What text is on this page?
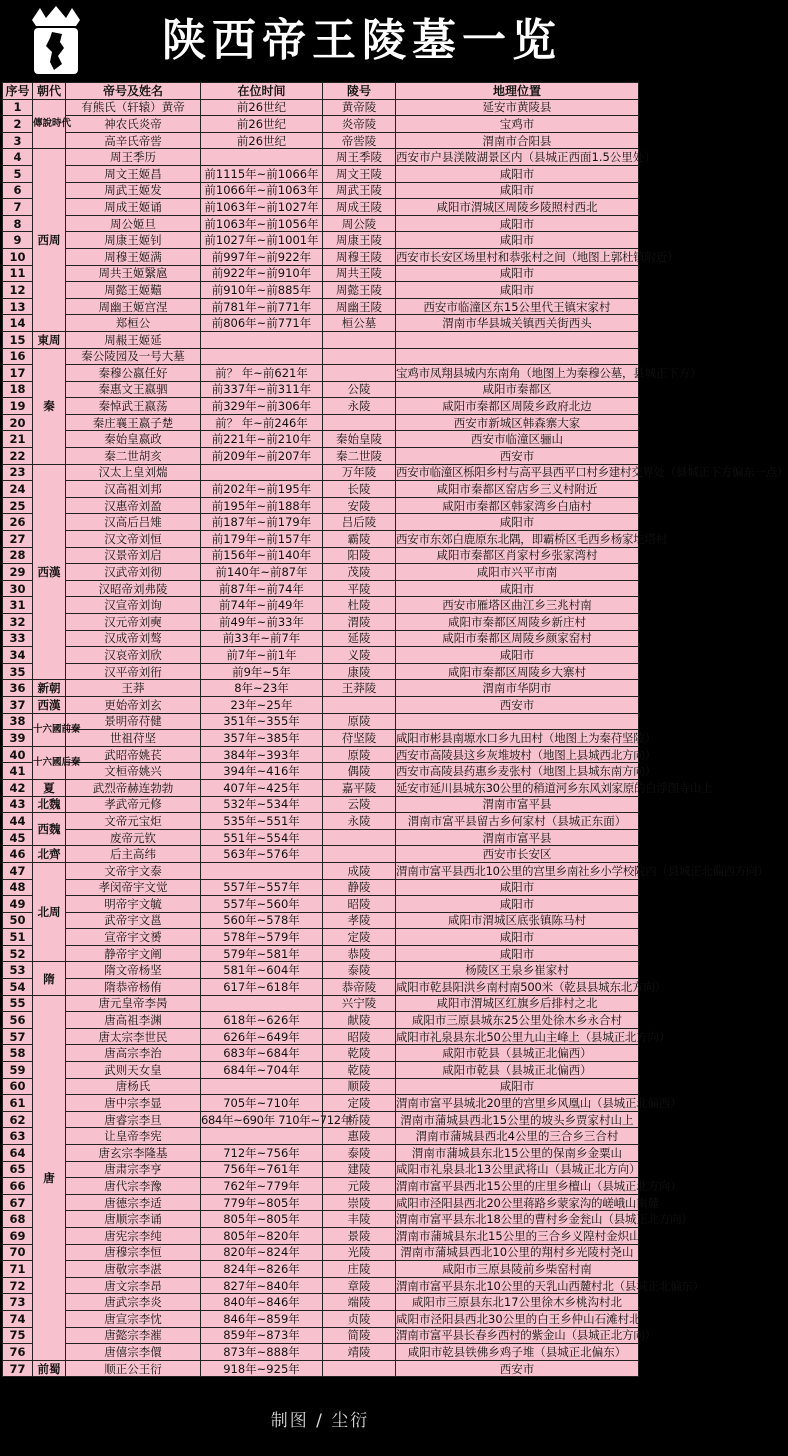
陕西帝王陵墓一览
序号	朝代	帝号及姓名	在位时间	陵号	地理位置
1	傳說時代	有熊氏（轩辕）黄帝	前26世纪	黄帝陵	延安市黄陵县
2		神农氏炎帝	前26世纪	炎帝陵	宝鸡市
3		高辛氏帝喾	前26世纪	帝喾陵	渭南市合阳县
4	西周	周王季历		周王季陵	西安市户县渼陂湖景区内（县城正西面1.5公里处）
5		周文王姬昌	前1115年~前1066年	周文王陵	咸阳市
6		周武王姬发	前1066年~前1063年	周武王陵	咸阳市
7		周成王姬诵	前1063年~前1027年	周成王陵	咸阳市渭城区周陵乡陵照村西北
8		周公姬旦	前1063年~前1056年	周公陵	咸阳市
9		周康王姬钊	前1027年~前1001年	周康王陵	咸阳市
10		周穆王姬满	前997年~前922年	周穆王陵	西安市长安区场里村和恭张村之间（地图上郭杜镇附近）
11		周共王姬繄扈	前922年~前910年	周共王陵	咸阳市
12		周懿王姬囏	前910年~前885年	周懿王陵	咸阳市
13		周幽王姬宫涅	前781年~前771年	周幽王陵	西安市临潼区东15公里代王镇宋家村
14		郑桓公	前806年~前771年	桓公墓	渭南市华县城关镇西关街西头
15	東周	周赧王姬延			
16	秦	秦公陵园及一号大墓			
17		秦穆公嬴任好	前？ 年~前621年		宝鸡市凤翔县城内东南角（地图上为秦穆公墓，县城正下方）
18		秦惠文王嬴驷	前337年~前311年	公陵	咸阳市秦都区
19		秦悼武王嬴荡	前329年~前306年	永陵	咸阳市秦都区周陵乡政府北边
20		秦庄襄王嬴子楚	前？ 年~前246年		西安市新城区韩森寨大家
21		秦始皇嬴政	前221年~前210年	秦始皇陵	西安市临潼区骊山
22		秦二世胡亥	前209年~前207年	秦二世陵	西安市
23	西漢	汉太上皇刘煓		万年陵	西安市临潼区栎阳乡村与高平县西平口村乡建村交界处（县城正下方偏东一点）
24		汉高祖刘邦	前202年~前195年	长陵	咸阳市秦都区窑店乡三义村附近
25		汉惠帝刘盈	前195年~前188年	安陵	咸阳市秦都区韩家湾乡白庙村
26		汉高后吕雉	前187年~前179年	吕后陵	咸阳市
27		汉文帝刘恒	前179年~前157年	霸陵	西安市东郊白鹿原东北隅，即霸桥区毛西乡杨家圪塔村
28		汉景帝刘启	前156年~前140年	阳陵	咸阳市秦都区肖家村乡张家湾村
29		汉武帝刘彻	前140年~前87年	茂陵	咸阳市兴平市南
30		汉昭帝刘弗陵	前87年~前74年	平陵	咸阳市
31		汉宣帝刘询	前74年~前49年	杜陵	西安市雁塔区曲江乡三兆村南
32		汉元帝刘奭	前49年~前33年	渭陵	咸阳市秦都区周陵乡新庄村
33		汉成帝刘骜	前33年~前7年	延陵	咸阳市秦都区周陵乡颜家窑村
34		汉哀帝刘欣	前7年~前1年	义陵	咸阳市
35		汉平帝刘衎	前9年~5年	康陵	咸阳市秦都区周陵乡大寨村
36	新朝	王莽	8年~23年	王莽陵	渭南市华阴市
37	西漢	更始帝刘玄	23年~25年		西安市
38	十六國前秦	景明帝苻健	351年~355年	原陵	
39		世祖苻坚	357年~385年	苻坚陵	咸阳市彬县南塬水口乡九田村（地图上为秦苻坚陵）
40	十六國后秦	武昭帝姚苌	384年~393年	原陵	西安市高陵县这乡灰堆坡村（地图上县城西北方向）
41		文桓帝姚兴	394年~416年	偶陵	西安市高陵县药惠乡麦张村（地图上县城东南方向）
42	夏	武烈帝赫连勃勃	407年~425年	嘉平陵	延安市延川县城东30公里的稍道河乡东风刘家原的白浮图寺山上
43	北魏	孝武帝元修	532年~534年	云陵	渭南市富平县
44	西魏	文帝元宝炬	535年~551年	永陵	渭南市富平县留古乡何家村（县城正东面）
45		废帝元钦	551年~554年		渭南市富平县
46	北齊	后主高纬	563年~576年		西安市长安区
47	北周	文帝宇文泰		成陵	渭南市富平县西北10公里的宫里乡南社乡小学校院内（县城正北偏西方向）
48		孝闵帝宇文觉	557年~557年	静陵	咸阳市
49		明帝宇文毓	557年~560年	昭陵	咸阳市
50		武帝宇文邕	560年~578年	孝陵	咸阳市渭城区底张镇陈马村
51		宣帝宇文赟	578年~579年	定陵	咸阳市
52		静帝宇文阐	579年~581年	恭陵	咸阳市
53	隋	隋文帝杨坚	581年~604年	泰陵	杨陵区王泉乡崔家村
54		隋恭帝杨侑	617年~618年	恭帝陵	咸阳市乾县阳洪乡南村南500米（乾县县城东北方向）
55	唐	唐元皇帝李昺		兴宁陵	咸阳市渭城区红旗乡后排村之北
56		唐高祖李渊	618年~626年	献陵	咸阳市三原县城东25公里处徐木乡永合村
57		唐太宗李世民	626年~649年	昭陵	咸阳市礼泉县东北50公里九山主峰上（县城正北方向）
58		唐高宗李治	683年~684年	乾陵	咸阳市乾县（县城正北偏西）
59		武则天女皇	684年~704年	乾陵	咸阳市乾县（县城正北偏西）
60		唐杨氏		顺陵	咸阳市
61		唐中宗李显	705年~710年	定陵	渭南市富平县城北20里的宫里乡风凰山（县城正北偏西）
62		唐睿宗李旦	684年~690年 710年~712年	桥陵	渭南市蒲城县西北15公里的坡头乡贾家村山上
63		让皇帝李宪		惠陵	渭南市蒲城县西北4公里的三合乡三合村
64		唐玄宗李隆基	712年~756年	泰陵	渭南市蒲城县东北15公里的保南乡金粟山
65		唐肃宗李亨	756年~761年	建陵	咸阳市礼泉县北13公里武将山（县城正北方向）
66		唐代宗李豫	762年~779年	元陵	渭南市富平县西北15公里的庄里乡檀山（县城正北方向）
67		唐德宗李适	779年~805年	崇陵	咸阳市泾阳县西北20公里蒋路乡蒙家沟的嵯峨山南麓
68		唐顺宗李诵	805年~805年	丰陵	渭南市富平县东北18公里的曹村乡金瓮山（县城正北方向）
69		唐宪宗李纯	805年~820年	景陵	渭南市蒲城县东北15公里的三合乡义隍村金炽山
70		唐穆宗李恒	820年~824年	光陵	渭南市蒲城县西北10公里的翔村乡光陵村尧山
71		唐敬宗李湛	824年~826年	庄陵	咸阳市三原县陵前乡柴窑村南
72		唐文宗李昂	827年~840年	章陵	渭南市富平县东北10公里的天乳山西麓村北（县城正北偏东）
73		唐武宗李炎	840年~846年	端陵	咸阳市三原县东北17公里徐木乡桃沟村北
74		唐宣宗李忱	846年~859年	贞陵	咸阳市泾阳县西北30公里的白王乡仲山石滩村北
75		唐懿宗李漼	859年~873年	简陵	渭南市富平县长春乡西村的紫金山（县城正北方向）
76		唐僖宗李儇	873年~888年	靖陵	咸阳市乾县铁佛乡鸡子堆（县城正北偏东）
77	前蜀	顺正公王衍	918年~925年		西安市
制图 / 尘衍
